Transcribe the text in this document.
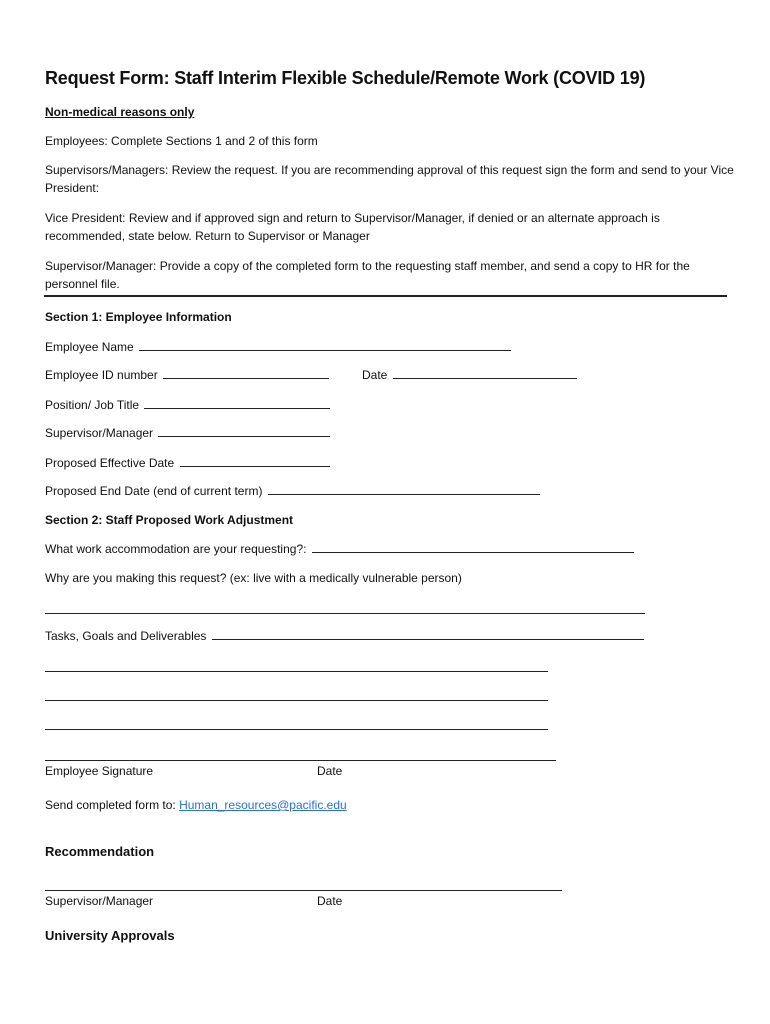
Request Form: Staff Interim Flexible Schedule/Remote Work (COVID 19)
Non-medical reasons only
Employees: Complete Sections 1 and 2 of this form
Supervisors/Managers: Review the request. If you are recommending approval of this request sign the form and send to your Vice President:
Vice President: Review and if approved sign and return to Supervisor/Manager, if denied or an alternate approach is recommended, state below. Return to Supervisor or Manager
Supervisor/Manager: Provide a copy of the completed form to the requesting staff member, and send a copy to HR for the personnel file.
Section 1: Employee Information
Employee Name
Employee ID number	Date
Position/ Job Title
Supervisor/Manager
Proposed Effective Date
Proposed End Date (end of current term)
Section 2: Staff Proposed Work Adjustment
What work accommodation are your requesting?:
Why are you making this request? (ex: live with a medically vulnerable person)
Tasks, Goals and Deliverables
Employee Signature	Date
Send completed form to: Human_resources@pacific.edu
Recommendation
Supervisor/Manager	Date
University Approvals
